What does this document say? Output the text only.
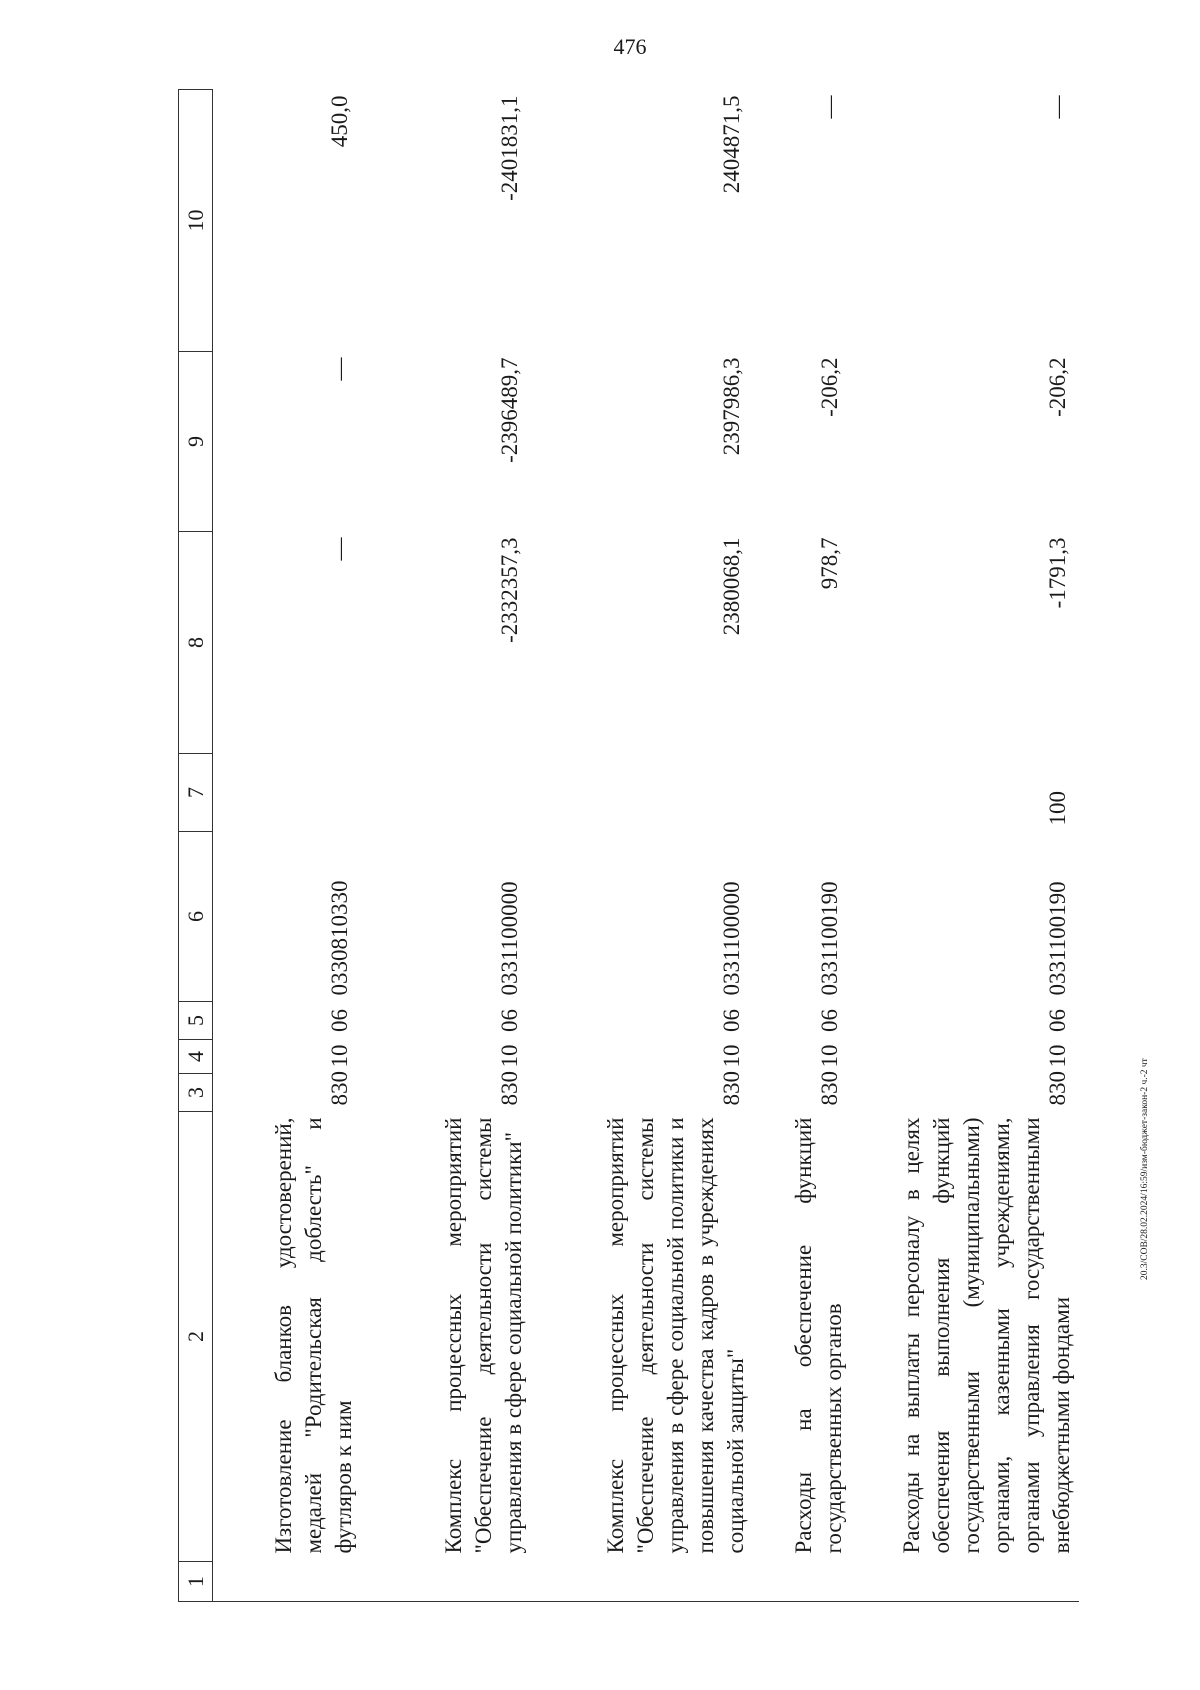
476
1	2	3	4	5	6	7	8	9	10
	Изготовление бланков удостоверений, медалей "Родительская доблесть" и футляров к ним	830	10	06	0330810330		—	—	450,0
	Комплекс процессных мероприятий "Обеспечение деятельности системы управления в сфере социальной политики"	830	10	06	0331100000		-2332357,3	-2396489,7	-2401831,1
	Комплекс процессных мероприятий "Обеспечение деятельности системы управления в сфере социальной политики и повышения качества кадров в учреждениях социальной защиты"	830	10	06	0331100000		2380068,1	2397986,3	2404871,5
	Расходы на обеспечение функций государственных органов	830	10	06	0331100190		978,7	-206,2	—
	Расходы на выплаты персоналу в целях обеспечения выполнения функций государственными (муниципальными) органами, казенными учреждениями, органами управления государственными внебюджетными фондами	830	10	06	0331100190	100	-1791,3	-206,2	—
20.3/СОВ/28.02.2024/16:59/изм-бюджет-закон-2 ч.-2 чт
